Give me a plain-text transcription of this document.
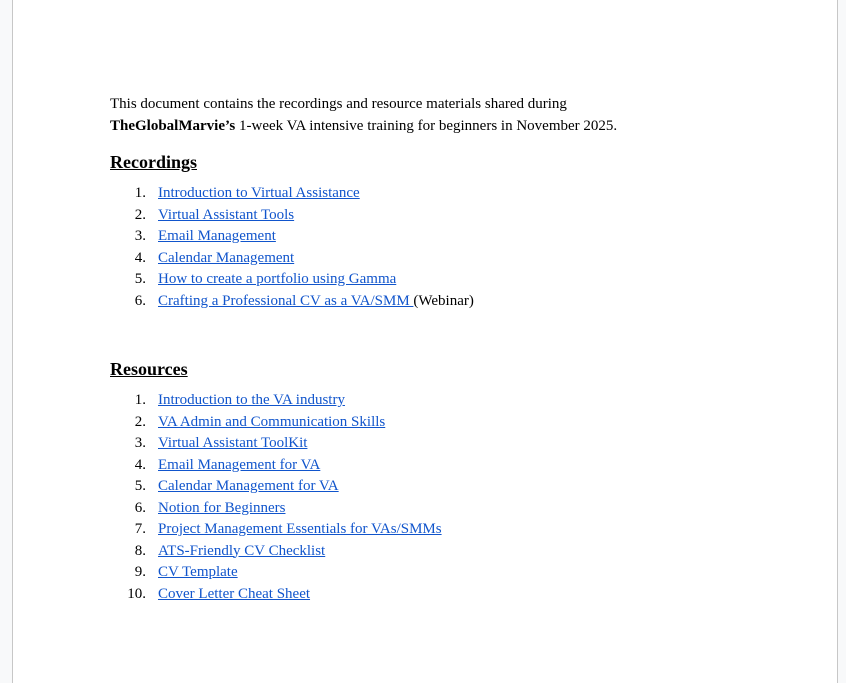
This document contains the recordings and resource materials shared during
TheGlobalMarvie’s 1-week VA intensive training for beginners in November 2025.

Recordings
1. Introduction to Virtual Assistance
2. Virtual Assistant Tools
3. Email Management
4. Calendar Management
5. How to create a portfolio using Gamma
6. Crafting a Professional CV as a VA/SMM (Webinar)
Resources
1. Introduction to the VA industry
2. VA Admin and Communication Skills
3. Virtual Assistant ToolKit
4. Email Management for VA
5. Calendar Management for VA
6. Notion for Beginners
7. Project Management Essentials for VAs/SMMs
8. ATS-Friendly CV Checklist
9. CV Template
10. Cover Letter Cheat Sheet
